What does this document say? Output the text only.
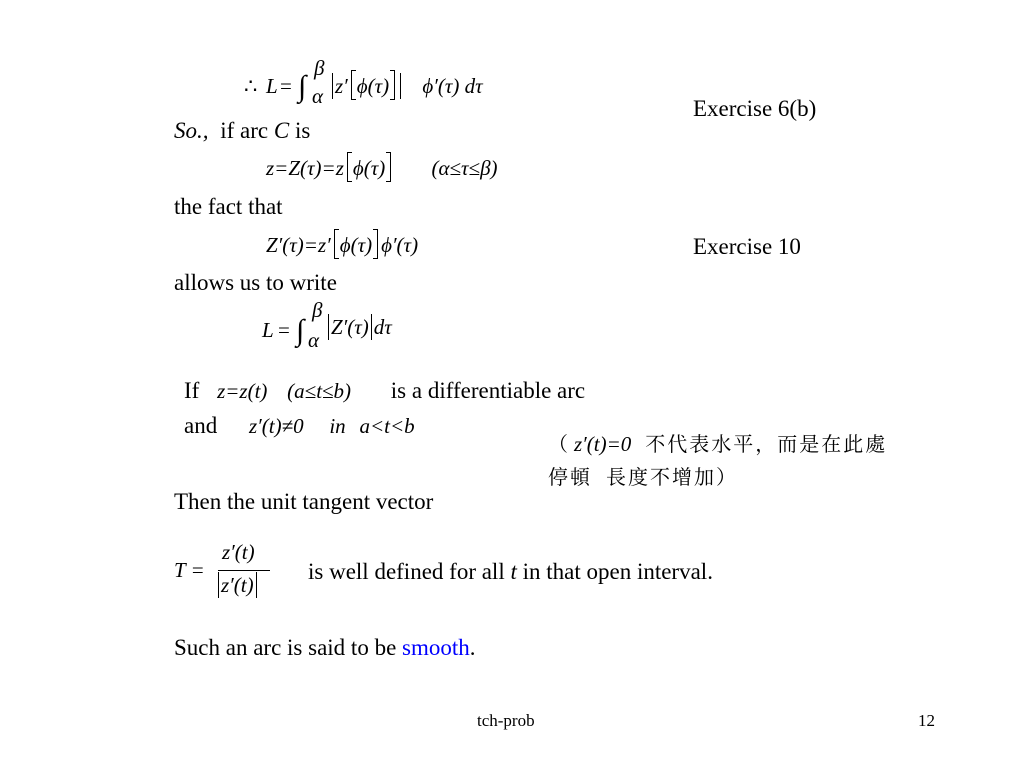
∴ L = ∫
β
α z′ ϕ(τ) ϕ′(τ) dτ
Exercise 6(b)
So., if arc C is
z=Z(τ)=z ϕ(τ) (α≤τ≤β)
the fact that
Z′(τ)=z′ ϕ(τ) ϕ′(τ)	Exercise 10
allows us to write
L = ∫
β
α
Z′(τ) dτ
If z=z(t) (a≤t≤b) is a differentiable arc
and z′(t)≠0 in a<t<b
（ z′(t)=0 不代表水平，而是在此處
停頓 長度不增加）
Then the unit tangent vector
T =
z′(t)
z′(t)
is well defined for all t in that open interval.
Such an arc is said to be smooth.
tch-prob	12
